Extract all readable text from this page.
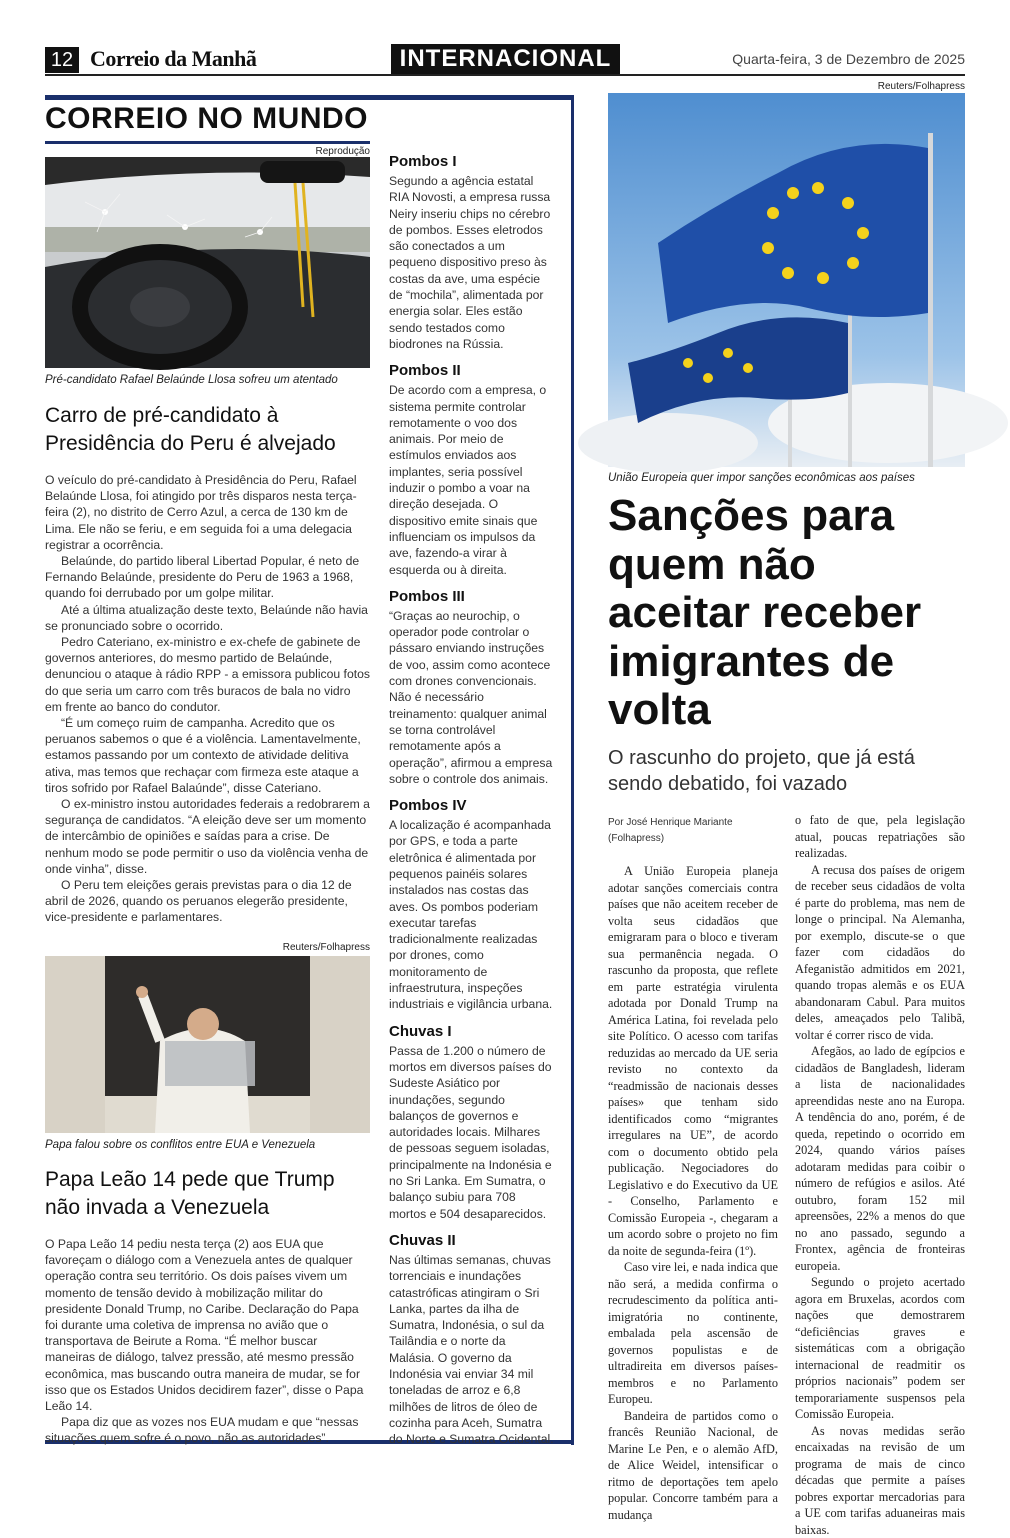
12 Correio da Manhã	INTERNACIONAL	Quarta-feira, 3 de Dezembro de 2025
CORREIO NO MUNDO
Reprodução
Pré-candidato Rafael Belaúnde Llosa sofreu um atentado
Carro de pré-candidato à Presidência do Peru é alvejado

O veículo do pré-candidato à Presidência do Peru, Rafael Belaúnde Llosa, foi atingido por três disparos nesta terça-feira (2), no distrito de Cerro Azul, a cerca de 130 km de Lima. Ele não se feriu, e em seguida foi a uma delegacia registrar a ocorrência.

Belaúnde, do partido liberal Libertad Popular, é neto de Fernando Belaúnde, presidente do Peru de 1963 a 1968, quando foi derrubado por um golpe militar.

Até a última atualização deste texto, Belaúnde não havia se pronunciado sobre o ocorrido.

Pedro Cateriano, ex-ministro e ex-chefe de gabinete de governos anteriores, do mesmo partido de Belaúnde, denunciou o ataque à rádio RPP - a emissora publicou fotos do que seria um carro com três buracos de bala no vidro em frente ao banco do condutor.

“É um começo ruim de campanha. Acredito que os peruanos sabemos o que é a violência. Lamentavelmente, estamos passando por um contexto de atividade delitiva ativa, mas temos que rechaçar com firmeza este ataque a tiros sofrido por Rafael Balaúnde”, disse Cateriano.

O ex-ministro instou autoridades federais a redobrarem a segurança de candidatos. “A eleição deve ser um momento de intercâmbio de opiniões e saídas para a crise. De nenhum modo se pode permitir o uso da violência venha de onde vinha”, disse.

O Peru tem eleições gerais previstas para o dia 12 de abril de 2026, quando os peruanos elegerão presidente, vice-presidente e parlamentares.

Reuters/Folhapress
Papa falou sobre os conflitos entre EUA e Venezuela
Papa Leão 14 pede que Trump não invada a Venezuela

O Papa Leão 14 pediu nesta terça (2) aos EUA que favoreçam o diálogo com a Venezuela antes de qualquer operação contra seu território. Os dois países vivem um momento de tensão devido à mobilização militar do presidente Donald Trump, no Caribe. Declaração do Papa foi durante uma coletiva de imprensa no avião que o transportava de Beirute a Roma. “É melhor buscar maneiras de diálogo, talvez pressão, até mesmo pressão econômica, mas buscando outra maneira de mudar, se for isso que os Estados Unidos decidirem fazer”, disse o Papa Leão 14.

Papa diz que as vozes nos EUA mudam e que “nessas situações quem sofre é o povo, não as autoridades”.

Pombos I
Segundo a agência estatal RIA Novosti, a empresa russa Neiry inseriu chips no cérebro de pombos. Esses eletrodos são conectados a um pequeno dispositivo preso às costas da ave, uma espécie de “mochila”, alimentada por energia solar. Eles estão sendo testados como biodrones na Rússia.
Pombos II
De acordo com a empresa, o sistema permite controlar remotamente o voo dos animais. Por meio de estímulos enviados aos implantes, seria possível induzir o pombo a voar na direção desejada. O dispositivo emite sinais que influenciam os impulsos da ave, fazendo-a virar à esquerda ou à direita.
Pombos III
“Graças ao neurochip, o operador pode controlar o pássaro enviando instruções de voo, assim como acontece com drones convencionais. Não é necessário treinamento: qualquer animal se torna controlável remotamente após a operação”, afirmou a empresa sobre o controle dos animais.
Pombos IV
A localização é acompanhada por GPS, e toda a parte eletrônica é alimentada por pequenos painéis solares instalados nas costas das aves. Os pombos poderiam executar tarefas tradicionalmente realizadas por drones, como monitoramento de infraestrutura, inspeções industriais e vigilância urbana.
Chuvas I
Passa de 1.200 o número de mortos em diversos países do Sudeste Asiático por inundações, segundo balanços de governos e autoridades locais. Milhares de pessoas seguem isoladas, principalmente na Indonésia e no Sri Lanka. Em Sumatra, o balanço subiu para 708 mortos e 504 desaparecidos.
Chuvas II
Nas últimas semanas, chuvas torrenciais e inundações catastróficas atingiram o Sri Lanka, partes da ilha de Sumatra, Indonésia, o sul da Tailândia e o norte da Malásia. O governo da Indonésia vai enviar 34 mil toneladas de arroz e 6,8 milhões de litros de óleo de cozinha para Aceh, Sumatra do Norte e Sumatra Ocidental.
Reuters/Folhapress
União Europeia quer impor sanções econômicas aos países
Sanções para quem não aceitar receber imigrantes de volta
O rascunho do projeto, que já está sendo debatido, foi vazado
Por José Henrique Mariante (Folhapress)

A União Europeia planeja adotar sanções comerciais contra países que não aceitem receber de volta seus cidadãos que emigraram para o bloco e tiveram sua permanência negada. O rascunho da proposta, que reflete em parte estratégia virulenta adotada por Donald Trump na América Latina, foi revelada pelo site Político. O acesso com tarifas reduzidas ao mercado da UE seria revisto no contexto da “readmissão de nacionais desses países» que tenham sido identificados como “migrantes irregulares na UE”, de acordo com o documento obtido pela publicação. Negociadores do Legislativo e do Executivo da UE - Conselho, Parlamento e Comissão Europeia -, chegaram a um acordo sobre o projeto no fim da noite de segunda-feira (1º).

Caso vire lei, e nada indica que não será, a medida confirma o recrudescimento da política anti-imigratória no continente, embalada pela ascensão de governos populistas e de ultradireita em diversos países-membros e no Parlamento Europeu.

Bandeira de partidos como o francês Reunião Nacional, de Marine Le Pen, e o alemão AfD, de Alice Weidel, intensificar o ritmo de deportações tem apelo popular. Concorre também para a mudança

o fato de que, pela legislação atual, poucas repatriações são realizadas.

A recusa dos países de origem de receber seus cidadãos de volta é parte do problema, mas nem de longe o principal. Na Alemanha, por exemplo, discute-se o que fazer com cidadãos do Afeganistão admitidos em 2021, quando tropas alemãs e os EUA abandonaram Cabul. Para muitos deles, ameaçados pelo Talibã, voltar é correr risco de vida.

Afegãos, ao lado de egípcios e cidadãos de Bangladesh, lideram a lista de nacionalidades apreendidas neste ano na Europa. A tendência do ano, porém, é de queda, repetindo o ocorrido em 2024, quando vários países adotaram medidas para coibir o número de refúgios e asilos. Até outubro, foram 152 mil apreensões, 22% a menos do que no ano passado, segundo a Frontex, agência de fronteiras europeia.

Segundo o projeto acertado agora em Bruxelas, acordos com nações que demostrarem “deficiências graves e sistemáticas com a obrigação internacional de readmitir os próprios nacionais” podem ser temporariamente suspensos pela Comissão Europeia.

As novas medidas serão encaixadas na revisão de um programa de mais de cinco décadas que permite a países pobres exportar mercadorias para a UE com tarifas aduaneiras mais baixas.
